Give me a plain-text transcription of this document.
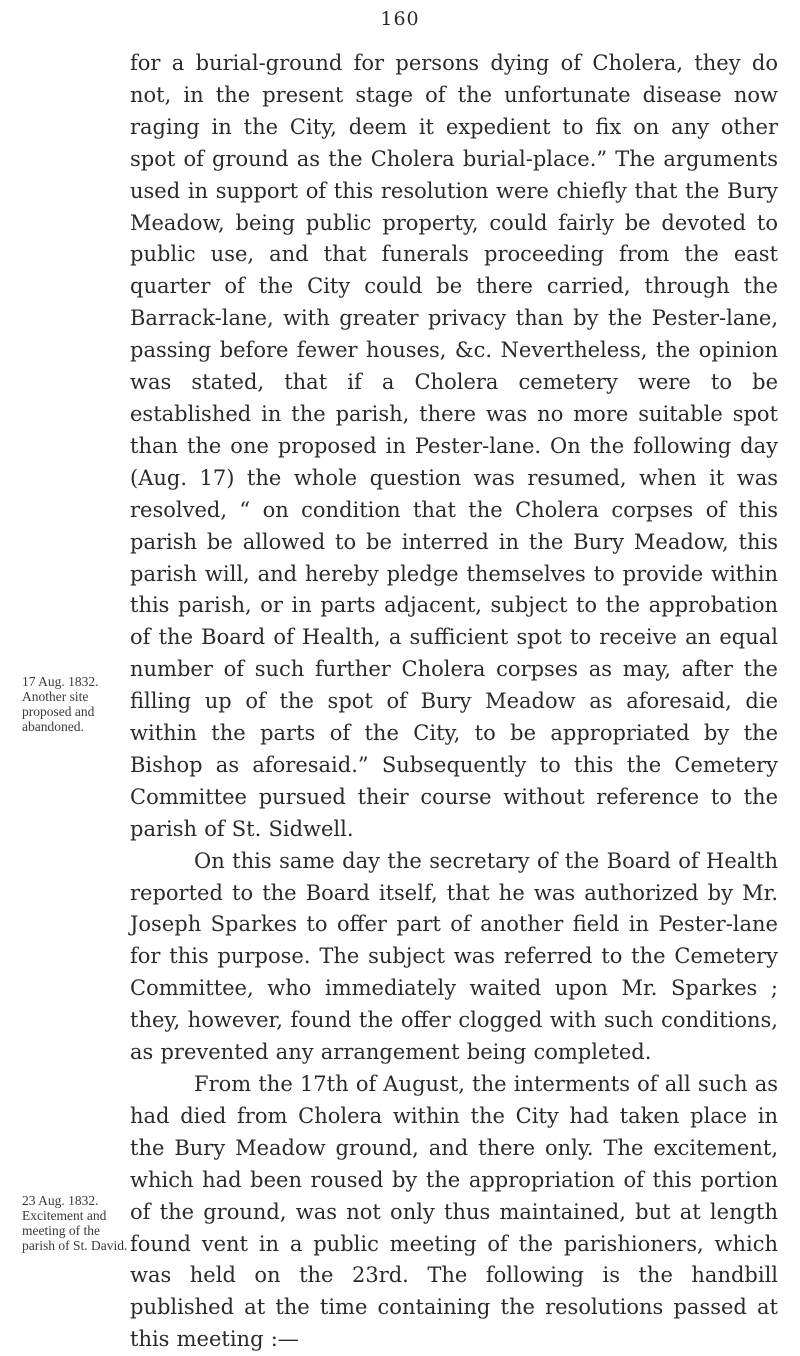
160

for a burial-ground for persons dying of Cholera, they do not, in the present stage of the unfortunate disease now raging in the City, deem it expedient to fix on any other spot of ground as the Cholera burial-place.” The arguments used in support of this resolution were chiefly that the Bury Meadow, being public property, could fairly be devoted to public use, and that funerals proceeding from the east quarter of the City could be there carried, through the Barrack-lane, with greater privacy than by the Pester-lane, passing before fewer houses, &c. Nevertheless, the opinion was stated, that if a Cholera cemetery were to be established in the parish, there was no more suitable spot than the one proposed in Pester-lane. On the following day (Aug. 17) the whole question was resumed, when it was resolved, “ on condition that the Cholera corpses of this parish be allowed to be interred in the Bury Meadow, this parish will, and hereby pledge themselves to provide within this parish, or in parts adjacent, subject to the approbation of the Board of Health, a sufficient spot to receive an equal number of such further Cholera corpses as may, after the filling up of the spot of Bury Meadow as aforesaid, die within the parts of the City, to be appropriated by the Bishop as aforesaid.” Subsequently to this the Cemetery Committee pursued their course without reference to the parish of St. Sidwell.

On this same day the secretary of the Board of Health reported to the Board itself, that he was authorized by Mr. Joseph Sparkes to offer part of another field in Pester-lane for this purpose. The subject was referred to the Cemetery Committee, who immediately waited upon Mr. Sparkes ; they, however, found the offer clogged with such conditions, as prevented any arrangement being completed.

From the 17th of August, the interments of all such as had died from Cholera within the City had taken place in the Bury Meadow ground, and there only. The excitement, which had been roused by the appropriation of this portion of the ground, was not only thus maintained, but at length found vent in a public meeting of the parishioners, which was held on the 23rd. The following is the handbill published at the time containing the resolutions passed at this meeting :—

17 Aug. 1832.
Another site proposed and abandoned.
23 Aug. 1832.
Excitement and meeting of the parish of St. David.
